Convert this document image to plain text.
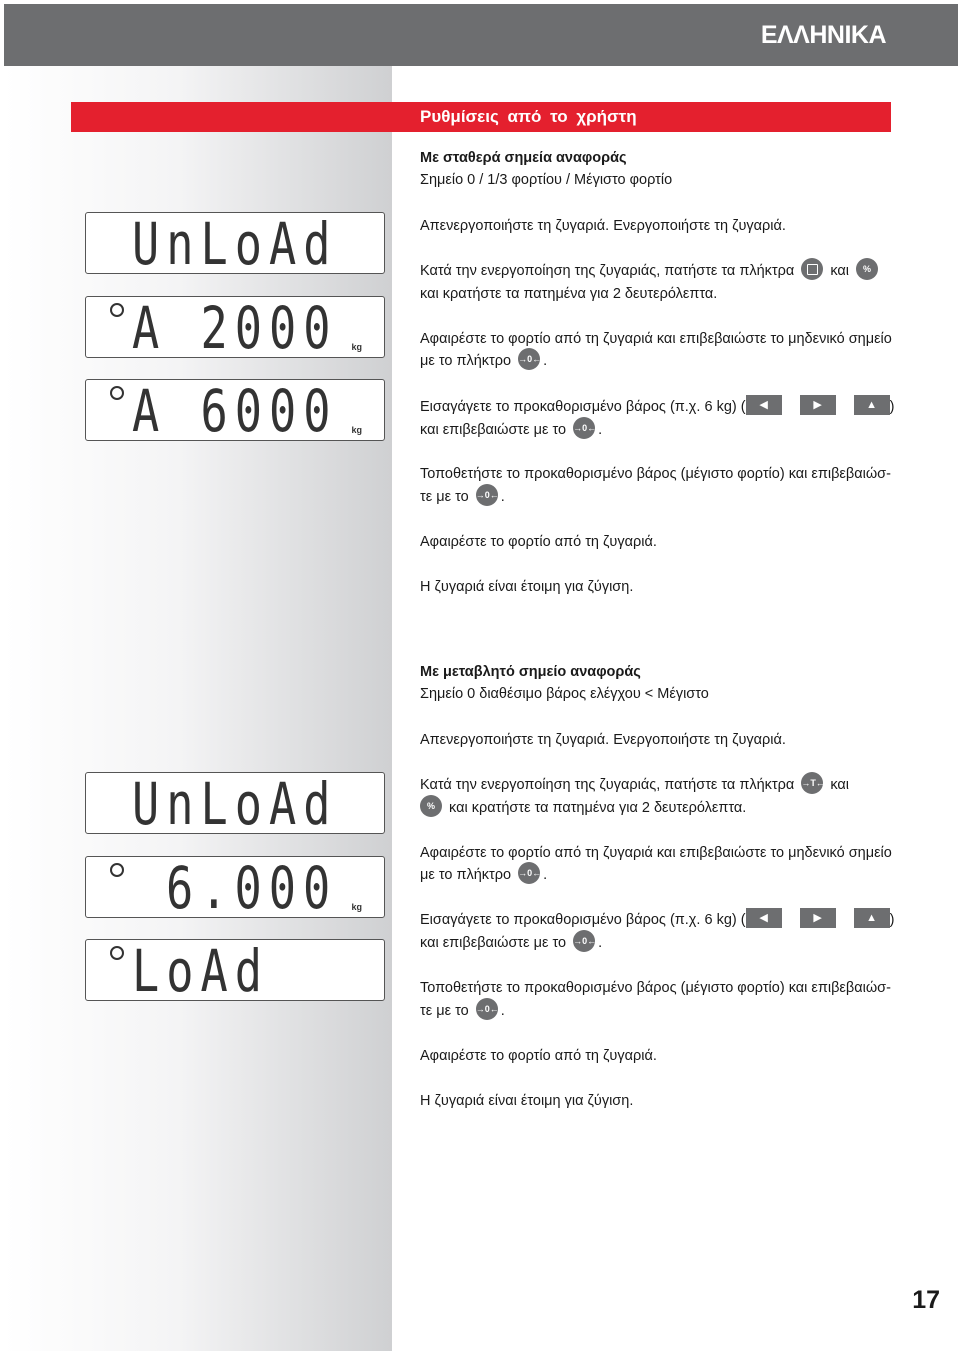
ΕΛΛΗΝΙΚΑ
Ρυθμίσεις από το χρήστη
UnLoAd
A 2000 kg
A 6000 kg
Με σταθερά σημεία αναφοράς
Σημείο 0 / 1/3 φορτίου / Μέγιστο φορτίο
Απενεργοποιήστε τη ζυγαριά. Ενεργοποιήστε τη ζυγαριά.
Κατά την ενεργοποίηση της ζυγαριάς, πατήστε τα πλήκτρα και %
και κρατήστε τα πατημένα για 2 δευτερόλεπτα.
Αφαιρέστε το φορτίο από τη ζυγαριά και επιβεβαιώστε το μηδενικό σημείο
με το πλήκτρο →0← .
Εισαγάγετε το προκαθορισμένο βάρος (π.χ. 6 kg) ( ◀	▶	▲ )
και επιβεβαιώστε με το →0← .
Τοποθετήστε το προκαθορισμένο βάρος (μέγιστο φορτίο) και επιβεβαιώσ-
τε με το →0← .
Αφαιρέστε το φορτίο από τη ζυγαριά.
Η ζυγαριά είναι έτοιμη για ζύγιση.
UnLoAd
6.000 kg
LoAd
Με μεταβλητό σημείο αναφοράς
Σημείο 0 διαθέσιμο βάρος ελέγχου < Μέγιστο
Απενεργοποιήστε τη ζυγαριά. Ενεργοποιήστε τη ζυγαριά.
Κατά την ενεργοποίηση της ζυγαριάς, πατήστε τα πλήκτρα →T← και
% και κρατήστε τα πατημένα για 2 δευτερόλεπτα.
Αφαιρέστε το φορτίο από τη ζυγαριά και επιβεβαιώστε το μηδενικό σημείο
με το πλήκτρο →0← .
Εισαγάγετε το προκαθορισμένο βάρος (π.χ. 6 kg) ( ◀	▶	▲ )
και επιβεβαιώστε με το →0← .
Τοποθετήστε το προκαθορισμένο βάρος (μέγιστο φορτίο) και επιβεβαιώσ-
τε με το →0← .
Αφαιρέστε το φορτίο από τη ζυγαριά.
Η ζυγαριά είναι έτοιμη για ζύγιση.
17
